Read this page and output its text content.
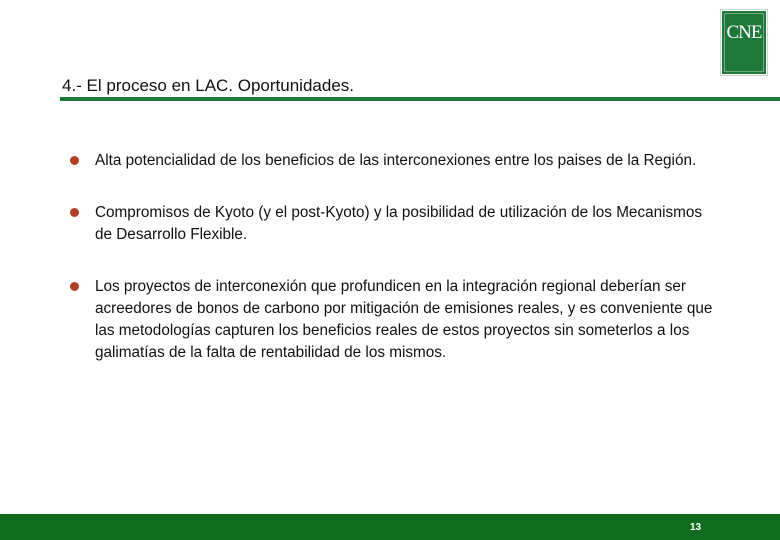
CNE
4.- El proceso en LAC. Oportunidades.
Alta potencialidad de los beneficios de las interconexiones entre los paises de la Región.
Compromisos de Kyoto (y el post-Kyoto) y la posibilidad de utilización de los Mecanismos de Desarrollo Flexible.
Los proyectos de interconexión que profundicen en la integración regional deberían ser acreedores de bonos de carbono por mitigación de emisiones reales, y es conveniente que las metodologías capturen los beneficios reales de estos proyectos sin someterlos a los galimatías de la falta de rentabilidad de los mismos.
13
